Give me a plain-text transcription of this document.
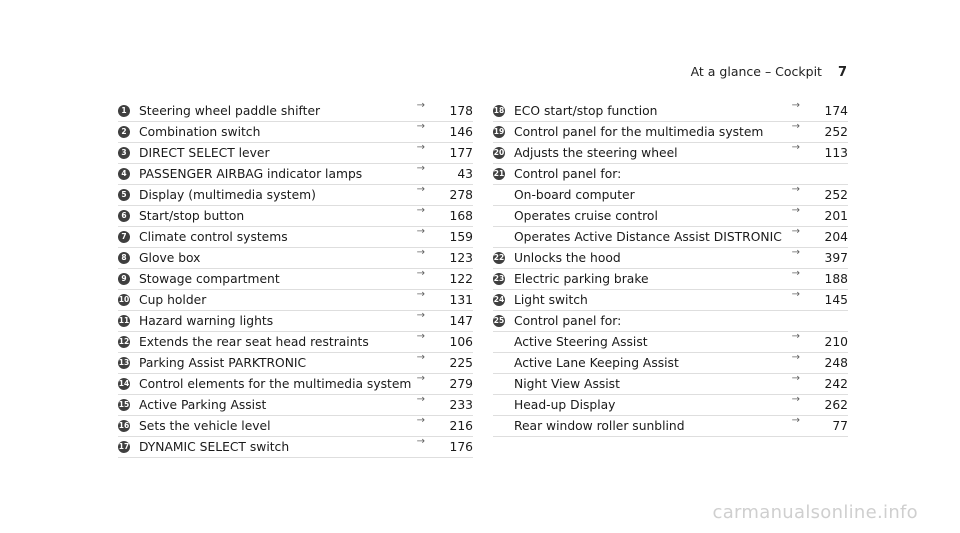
At a glance – Cockpit 7
1 Steering wheel paddle shifter	→ 178
2 Combination switch	→ 146
3 DIRECT SELECT lever	→ 177
4 PASSENGER AIRBAG indicator lamps	→	43
5 Display (multimedia system)	→ 278
6 Start/stop button	→ 168
7 Climate control systems	→ 159
8 Glove box	→ 123
9 Stowage compartment	→ 122
10 Cup holder	→ 131
11 Hazard warning lights	→ 147
12 Extends the rear seat head restraints	→ 106
13 Parking Assist PARKTRONIC	→ 225
14 Control elements for the multimedia system → 279
15 Active Parking Assist	→ 233
16 Sets the vehicle level	→ 216
17 DYNAMIC SELECT switch	→ 176
18 ECO start/stop function	→ 174
19 Control panel for the multimedia system	→ 252
20 Adjusts the steering wheel	→ 113
21 Control panel for:
On-board computer	→ 252
Operates cruise control	→ 201
Operates Active Distance Assist DISTRONIC → 204
22 Unlocks the hood	→ 397
23 Electric parking brake	→ 188
24 Light switch	→ 145
25 Control panel for:
Active Steering Assist	→ 210
Active Lane Keeping Assist	→ 248
Night View Assist	→ 242
Head-up Display	→ 262
Rear window roller sunblind	→	77
carmanualsonline.info
